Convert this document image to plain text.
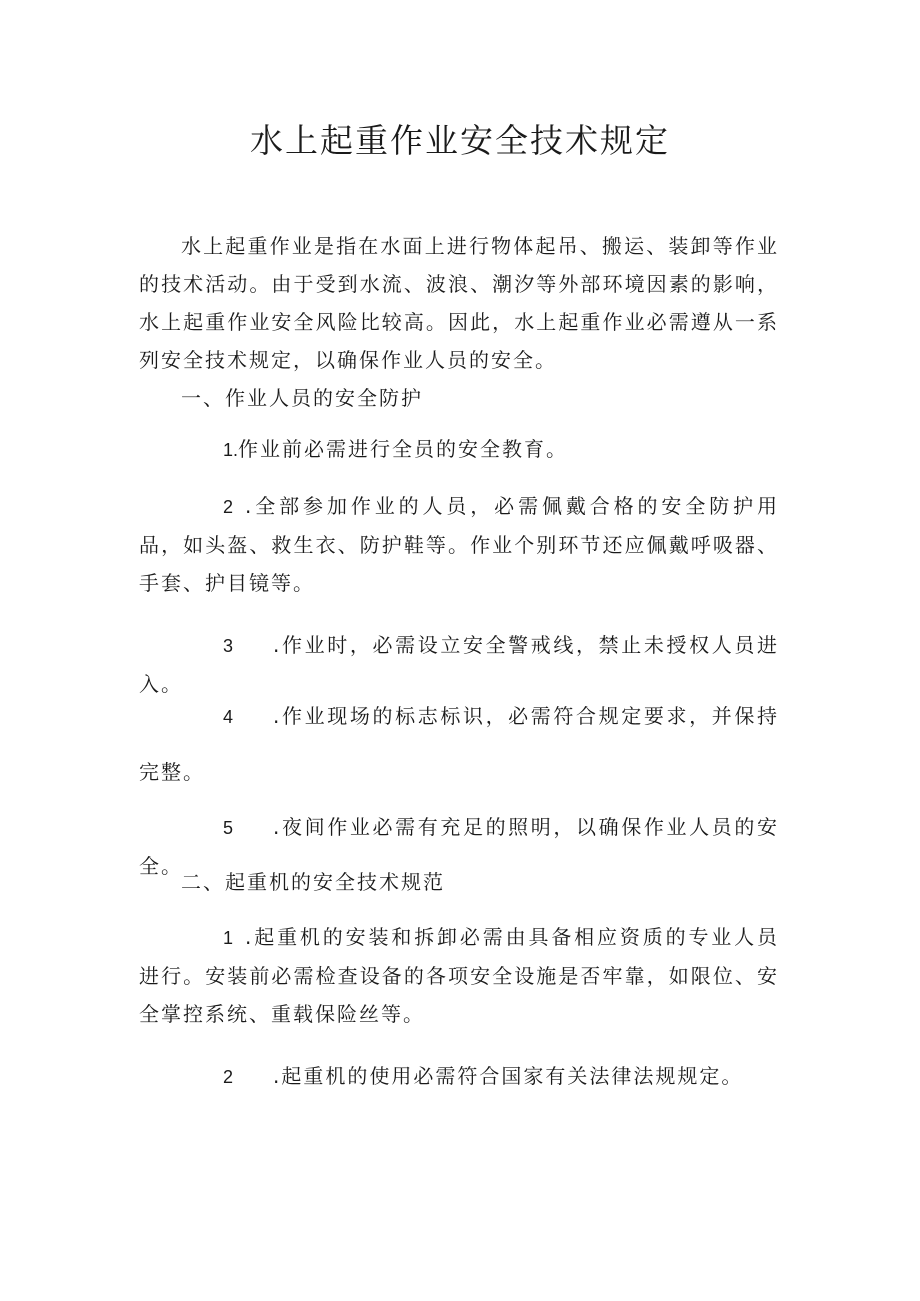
水上起重作业安全技术规定

水上起重作业是指在水面上进行物体起吊、搬运、装卸等作业的技术活动。由于受到水流、波浪、潮汐等外部环境因素的影响，水上起重作业安全风险比较高。因此，水上起重作业必需遵从一系列安全技术规定，以确保作业人员的安全。

一、作业人员的安全防护

1.作业前必需进行全员的安全教育。

2 .全部参加作业的人员，必需佩戴合格的安全防护用品，如头盔、救生衣、防护鞋等。作业个别环节还应佩戴呼吸器、手套、护目镜等。

3 .作业时，必需设立安全警戒线，禁止未授权人员进入。

4 .作业现场的标志标识，必需符合规定要求，并保持完整。

5 .夜间作业必需有充足的照明，以确保作业人员的安全。

二、起重机的安全技术规范

1 .起重机的安装和拆卸必需由具备相应资质的专业人员进行。安装前必需检查设备的各项安全设施是否牢靠，如限位、安全掌控系统、重载保险丝等。

2 .起重机的使用必需符合国家有关法律法规规定。
